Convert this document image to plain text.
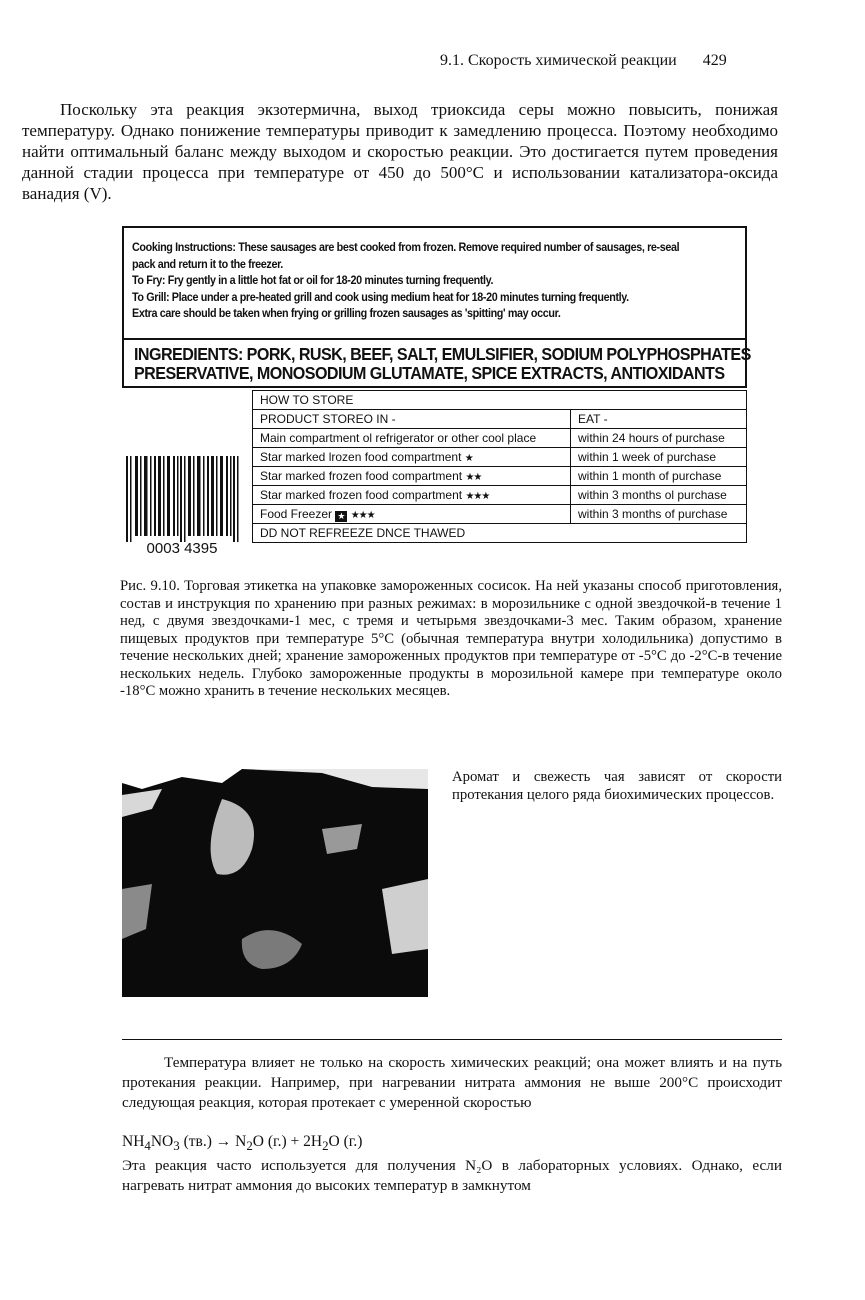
9.1. Скорость химической реакции 429
Поскольку эта реакция экзотермична, выход триоксида серы можно повысить, понижая температуру. Однако понижение температуры приводит к замедлению процесса. Поэтому необходимо найти оптимальный баланс между выходом и скоростью реакции. Это достигается путем проведения данной стадии процесса при температуре от 450 до 500°C и использовании катализатора-оксида ванадия (V).
Cooking Instructions: These sausages are best cooked from frozen. Remove required number of sausages, re-seal
pack and return it to the freezer.
To Fry: Fry gently in a little hot fat or oil for 18-20 minutes turning frequently.
To Grill: Place under a pre-heated grill and cook using medium heat for 18-20 minutes turning frequently.
Extra care should be taken when frying or grilling frozen sausages as 'spitting' may occur.
INGREDIENTS: PORK, RUSK, BEEF, SALT, EMULSIFIER, SODIUM POLYPHOSPHATES
PRESERVATIVE, MONOSODIUM GLUTAMATE, SPICE EXTRACTS, ANTIOXIDANTS
0003 4395
HOW TO STORE	
PRODUCT STOREO IN -	EAT -
Main compartment ol refrigerator or other cool place	within 24 hours of purchase
Star marked lrozen food compartment ★	within 1 week of purchase
Star marked frozen food compartment ★★	within 1 month of purchase
Star marked frozen food compartment ★★★	within 3 months ol purchase
Food Freezer ★ ★★★	within 3 months of purchase
DD NOT REFREEZE DNCE THAWED	
Рис. 9.10. Торговая этикетка на упаковке замороженных сосисок. На ней указаны способ приготовления, состав и инструкция по хранению при разных режимах: в морозильнике с одной звездочкой-в течение 1 нед, с двумя звездочками-1 мес, с тремя и четырьмя звездочками-3 мес. Таким образом, хранение пищевых продуктов при температуре 5°C (обычная температура внутри холодильника) допустимо в течение нескольких дней; хранение замороженных продуктов при температуре от -5°C до -2°C-в течение нескольких недель. Глубоко замороженные продукты в морозильной камере при температуре около -18°C можно хранить в течение нескольких месяцев.
Аромат и свежесть чая зависят от скорости протекания целого ряда биохимических процессов.
Температура влияет не только на скорость химических реакций; она может влиять и на путь протекания реакции. Например, при нагревании нитрата аммония не выше 200°C происходит следующая реакция, которая протекает с умеренной скоростью
$NH_4NO_3$ $(тв.) \to N_2O$ $(г.) + 2H_2O$ (г.)
Эта реакция часто используется для получения N₂O в лабораторных условиях. Однако, если нагревать нитрат аммония до высоких температур в замкнутом
